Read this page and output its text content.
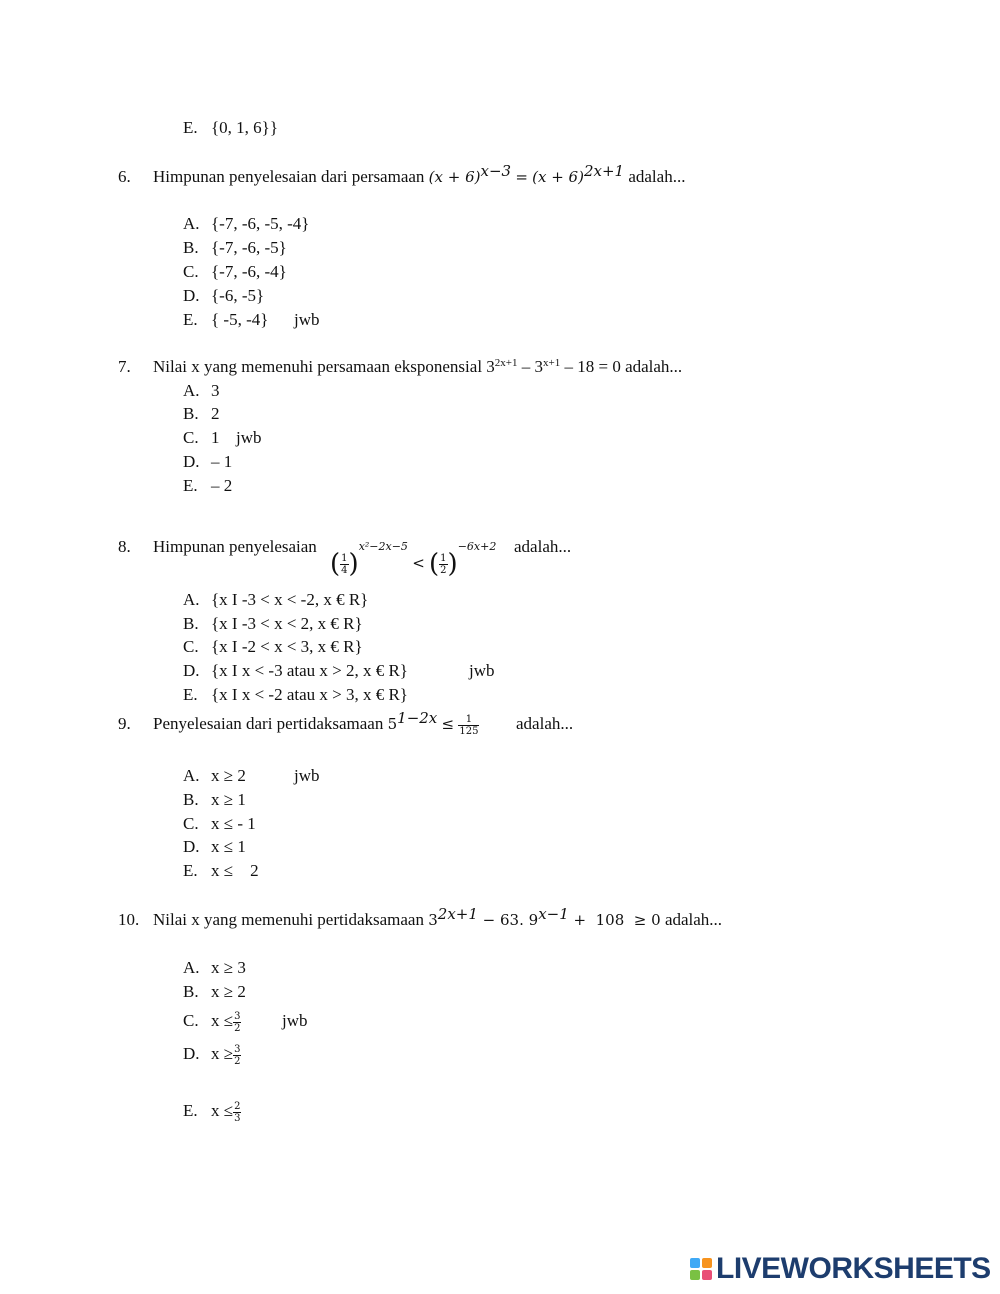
E. {0, 1, 6}}
6. Himpunan penyelesaian dari persamaan $(x + 6)^{x-3} = (x + 6)^{2x+1}$ adalah...
A. {-7, -6, -5, -4}
B. {-7, -6, -5}
C. {-7, -6, -4}
D. {-6, -5}
E. { -5, -4} jwb
7. Nilai x yang memenuhi persamaan eksponensial $3^{2x+1} - 3^{x+1} - 18 = 0$ adalah...
A. 3
B. 2
C. 1 jwb
D. – 1
E. – 2
8. Himpunan penyelesaian
( $\frac{1}{4} )^{x^2-2x-5}$ < ( $\frac{1}{2} )^{-6x+2}$ adalah...
A. {x I -3 < x < -2, x € R}
B. {x I -3 < x < 2, x € R}
C. {x I -2 < x < 3, x € R}
D. {x I x < -3 atau x > 2, x € R}	jwb
E. {x I x < -2 atau x > 3, x € R}
9. Penyelesaian dari pertidaksamaan $5^{1-2x} \le \frac{1}{125}$ adalah...
A. x ≥ 2	jwb
B. x ≥ 1
C. x ≤ - 1
D. x ≤ 1
E. x ≤    2
10. Nilai x yang memenuhi pertidaksamaan $3^{2x+1} - 63$. $9^{x-1} + 108 \ge 0$ adalah...
A. x ≥ 3
B. x ≥ 2
C. $x \le \frac{3}{2}$ jwb
D. $x \ge \frac{3}{2}$
E. $x \le \frac{2}{3}$
LIVEWORKSHEETS
